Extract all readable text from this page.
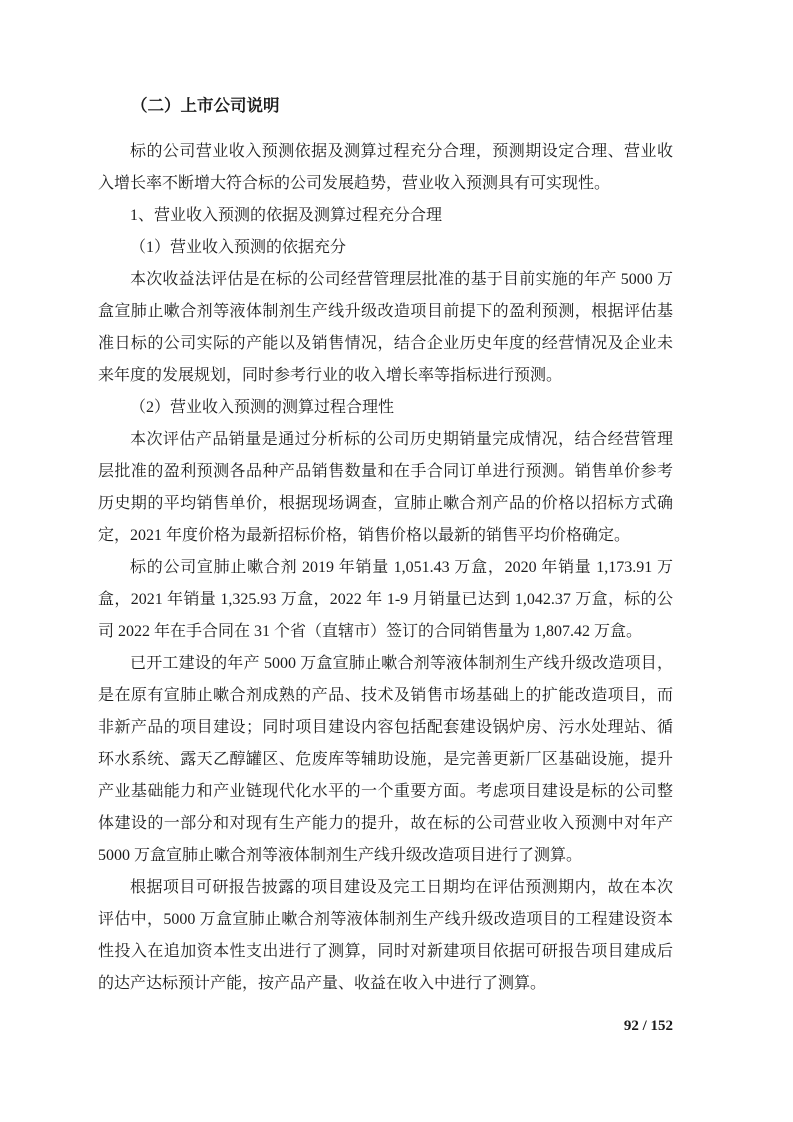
（二）上市公司说明

标的公司营业收入预测依据及测算过程充分合理，预测期设定合理、营业收入增长率不断增大符合标的公司发展趋势，营业收入预测具有可实现性。

1、营业收入预测的依据及测算过程充分合理

（1）营业收入预测的依据充分

本次收益法评估是在标的公司经营管理层批准的基于目前实施的年产 5000 万盒宣肺止嗽合剂等液体制剂生产线升级改造项目前提下的盈利预测，根据评估基准日标的公司实际的产能以及销售情况，结合企业历史年度的经营情况及企业未来年度的发展规划，同时参考行业的收入增长率等指标进行预测。

（2）营业收入预测的测算过程合理性

本次评估产品销量是通过分析标的公司历史期销量完成情况，结合经营管理层批准的盈利预测各品种产品销售数量和在手合同订单进行预测。销售单价参考历史期的平均销售单价，根据现场调查，宣肺止嗽合剂产品的价格以招标方式确定，2021 年度价格为最新招标价格，销售价格以最新的销售平均价格确定。

标的公司宣肺止嗽合剂 2019 年销量 1,051.43 万盒，2020 年销量 1,173.91 万盒，2021 年销量 1,325.93 万盒，2022 年 1-9 月销量已达到 1,042.37 万盒，标的公司 2022 年在手合同在 31 个省（直辖市）签订的合同销售量为 1,807.42 万盒。

已开工建设的年产 5000 万盒宣肺止嗽合剂等液体制剂生产线升级改造项目，是在原有宣肺止嗽合剂成熟的产品、技术及销售市场基础上的扩能改造项目，而非新产品的项目建设；同时项目建设内容包括配套建设锅炉房、污水处理站、循环水系统、露天乙醇罐区、危废库等辅助设施，是完善更新厂区基础设施，提升产业基础能力和产业链现代化水平的一个重要方面。考虑项目建设是标的公司整体建设的一部分和对现有生产能力的提升，故在标的公司营业收入预测中对年产 5000 万盒宣肺止嗽合剂等液体制剂生产线升级改造项目进行了测算。

根据项目可研报告披露的项目建设及完工日期均在评估预测期内，故在本次评估中，5000 万盒宣肺止嗽合剂等液体制剂生产线升级改造项目的工程建设资本性投入在追加资本性支出进行了测算，同时对新建项目依据可研报告项目建成后的达产达标预计产能，按产品产量、收益在收入中进行了测算。

92 / 152
